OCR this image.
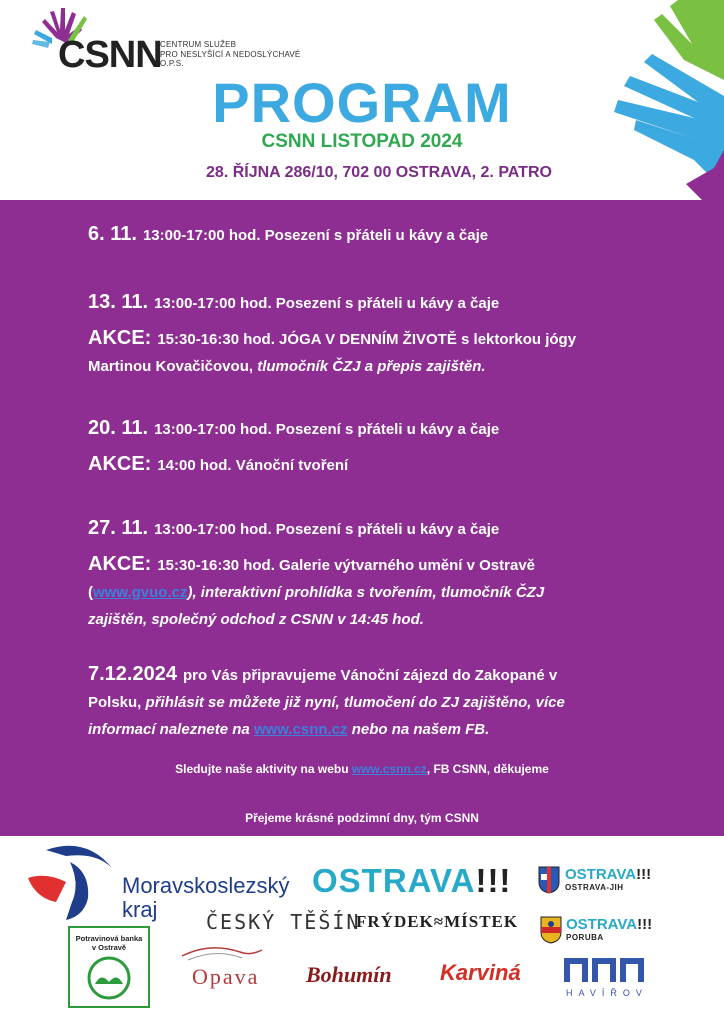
CSNN
CENTRUM SLUŽEB
PRO NESLYŠÍCÍ A NEDOSLÝCHAVÉ
O.P.S.
PROGRAM
CSNN LISTOPAD 2024
28. ŘÍJNA 286/10, 702 00 OSTRAVA, 2. PATRO
6. 11. 13:00-17:00 hod. Posezení s přáteli u kávy a čaje
13. 11. 13:00-17:00 hod. Posezení s přáteli u kávy a čaje
AKCE: 15:30-16:30 hod. JÓGA V DENNÍM ŽIVOTĚ s lektorkou jógy
Martinou Kovačičovou, tlumočník ČZJ a přepis zajištěn.
20. 11. 13:00-17:00 hod. Posezení s přáteli u kávy a čaje
AKCE: 14:00 hod. Vánoční tvoření
27. 11. 13:00-17:00 hod. Posezení s přáteli u kávy a čaje
AKCE: 15:30-16:30 hod. Galerie výtvarného umění v Ostravě
(www.gvuo.cz), interaktivní prohlídka s tvořením, tlumočník ČZJ
zajištěn, společný odchod z CSNN v 14:45 hod.
7.12.2024 pro Vás připravujeme Vánoční zájezd do Zakopané v
Polsku, přihlásit se můžete již nyní, tlumočení do ZJ zajištěno, více
informací naleznete na www.csnn.cz nebo na našem FB.
Sledujte naše aktivity na webu www.csnn.cz, FB CSNN, děkujeme
Přejeme krásné podzimní dny, tým CSNN
Moravskoslezský
kraj
OSTRAVA!!!	OSTRAVA!!!
OSTRAVA-JIH
OSTRAVA!!!
PORUBA
ČESKÝ TĚŠÍN
FRÝDEK≈MÍSTEK
Potravinová banka
v Ostravě
Opava Bohumín Karviná
HAVÍŘOV
